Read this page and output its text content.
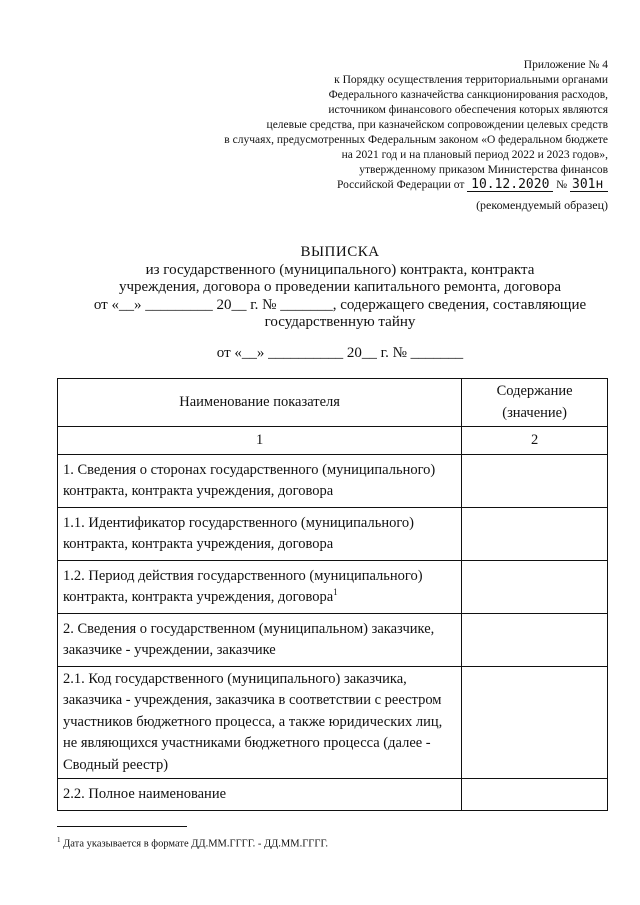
Приложение № 4
к Порядку осуществления территориальными органами
Федерального казначейства санкционирования расходов,
источником финансового обеспечения которых являются
целевые средства, при казначейском сопровождении целевых средств
в случаях, предусмотренных Федеральным законом «О федеральном бюджете
на 2021 год и на плановый период 2022 и 2023 годов»,
утвержденному приказом Министерства финансов
Российской Федерации от 10.12.2020 № 301н
(рекомендуемый образец)
ВЫПИСКА
из государственного (муниципального) контракта, контракта
учреждения, договора о проведении капитального ремонта, договора
от «__» _________ 20__ г. № _______, содержащего сведения, составляющие
государственную тайну
от «__» __________ 20__ г. № _______
Наименование показателя	Содержание
(значение)
1	2
1. Сведения о сторонах государственного (муниципального) контракта, контракта учреждения, договора	
1.1. Идентификатор государственного (муниципального) контракта, контракта учреждения, договора	
1.2. Период действия государственного (муниципального) контракта, контракта учреждения, договора$^1$	
2. Сведения о государственном (муниципальном) заказчике, заказчике - учреждении, заказчике	
2.1. Код государственного (муниципального) заказчика, заказчика - учреждения, заказчика в соответствии с реестром участников бюджетного процесса, а также юридических лиц, не являющихся участниками бюджетного процесса (далее - Сводный реестр)	
2.2. Полное наименование	
$^1$ Дата указывается в формате ДД.ММ.ГГГГ. - ДД.ММ.ГГГГ.
